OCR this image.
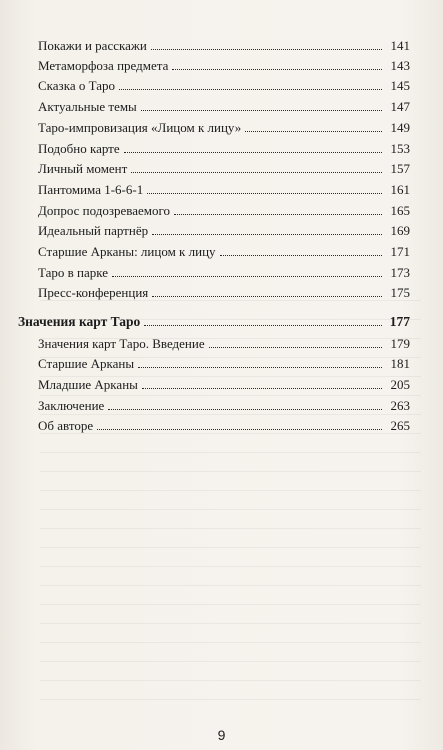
Покажи и расскажи	141
Метаморфоза предмета	143
Сказка о Таро	145
Актуальные темы	147
Таро-импровизация «Лицом к лицу»	149
Подобно карте	153
Личный момент	157
Пантомима 1-6-6-1	161
Допрос подозреваемого	165
Идеальный партнёр	169
Старшие Арканы: лицом к лицу	171
Таро в парке	173
Пресс-конференция	175
Значения карт Таро	177
Значения карт Таро. Введение	179
Старшие Арканы	181
Младшие Арканы	205
Заключение	263
Об авторе	265
9
